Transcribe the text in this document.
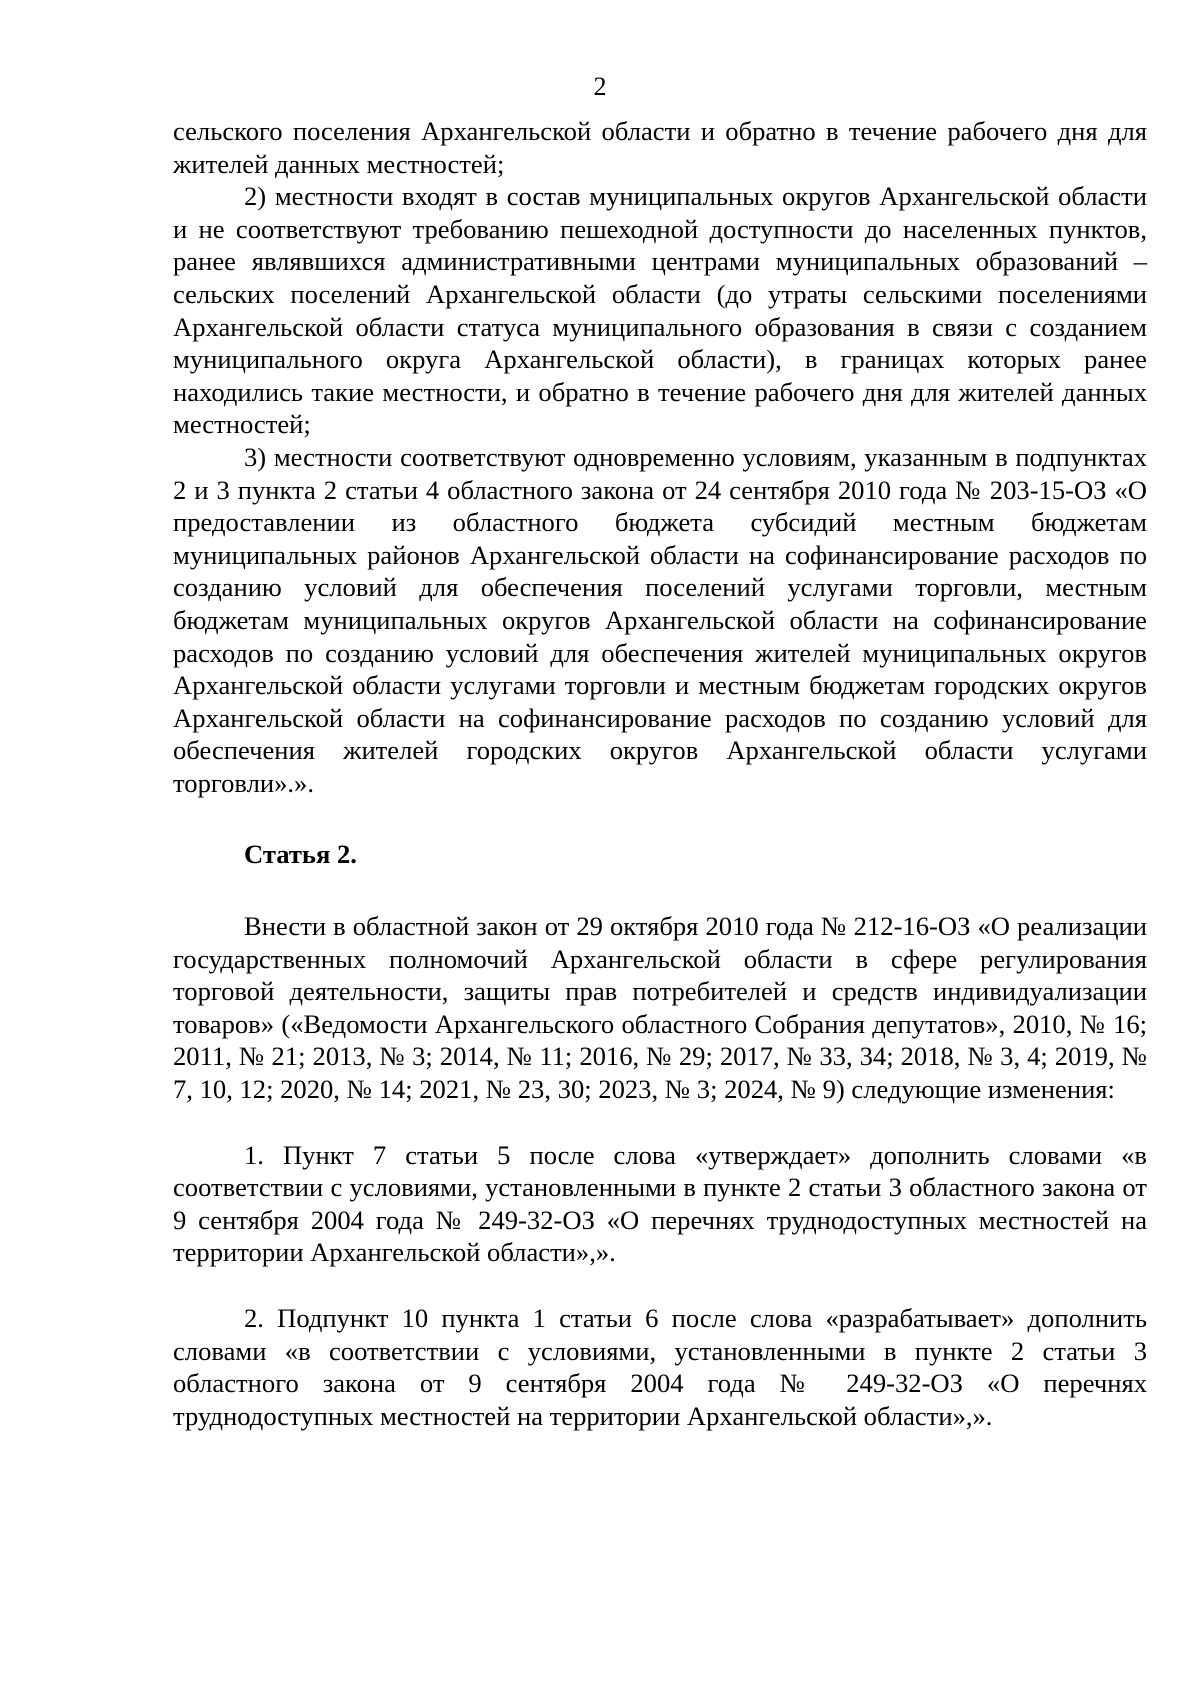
2

сельского поселения Архангельской области и обратно в течение рабочего дня для жителей данных местностей;

2) местности входят в состав муниципальных округов Архангельской области и не соответствуют требованию пешеходной доступности до населенных пунктов, ранее являвшихся административными центрами муниципальных образований – сельских поселений Архангельской области (до утраты сельскими поселениями Архангельской области статуса муниципального образования в связи с созданием муниципального округа Архангельской области), в границах которых ранее находились такие местности, и обратно в течение рабочего дня для жителей данных местностей;

3) местности соответствуют одновременно условиям, указанным в подпунктах 2 и 3 пункта 2 статьи 4 областного закона от 24 сентября 2010 года № 203-15-ОЗ «О предоставлении из областного бюджета субсидий местным бюджетам муниципальных районов Архангельской области на софинансирование расходов по созданию условий для обеспечения поселений услугами торговли, местным бюджетам муниципальных округов Архангельской области на софинансирование расходов по созданию условий для обеспечения жителей муниципальных округов Архангельской области услугами торговли и местным бюджетам городских округов Архангельской области на софинансирование расходов по созданию условий для обеспечения жителей городских округов Архангельской области услугами торговли».».

Статья 2.

Внести в областной закон от 29 октября 2010 года № 212-16-ОЗ «О реализации государственных полномочий Архангельской области в сфере регулирования торговой деятельности, защиты прав потребителей и средств индивидуализации товаров» («Ведомости Архангельского областного Собрания депутатов», 2010, № 16; 2011, № 21; 2013, № 3; 2014, № 11; 2016, № 29; 2017, № 33, 34; 2018, № 3, 4; 2019, № 7, 10, 12; 2020, № 14; 2021, № 23, 30; 2023, № 3; 2024, № 9) следующие изменения:

1. Пункт 7 статьи 5 после слова «утверждает» дополнить словами «в соответствии с условиями, установленными в пункте 2 статьи 3 областного закона от 9 сентября 2004 года № 249-32-ОЗ «О перечнях труднодоступных местностей на территории Архангельской области»,».

2. Подпункт 10 пункта 1 статьи 6 после слова «разрабатывает» дополнить словами «в соответствии с условиями, установленными в пункте 2 статьи 3 областного закона от 9 сентября 2004 года № 249-32-ОЗ «О перечнях труднодоступных местностей на территории Архангельской области»,».
